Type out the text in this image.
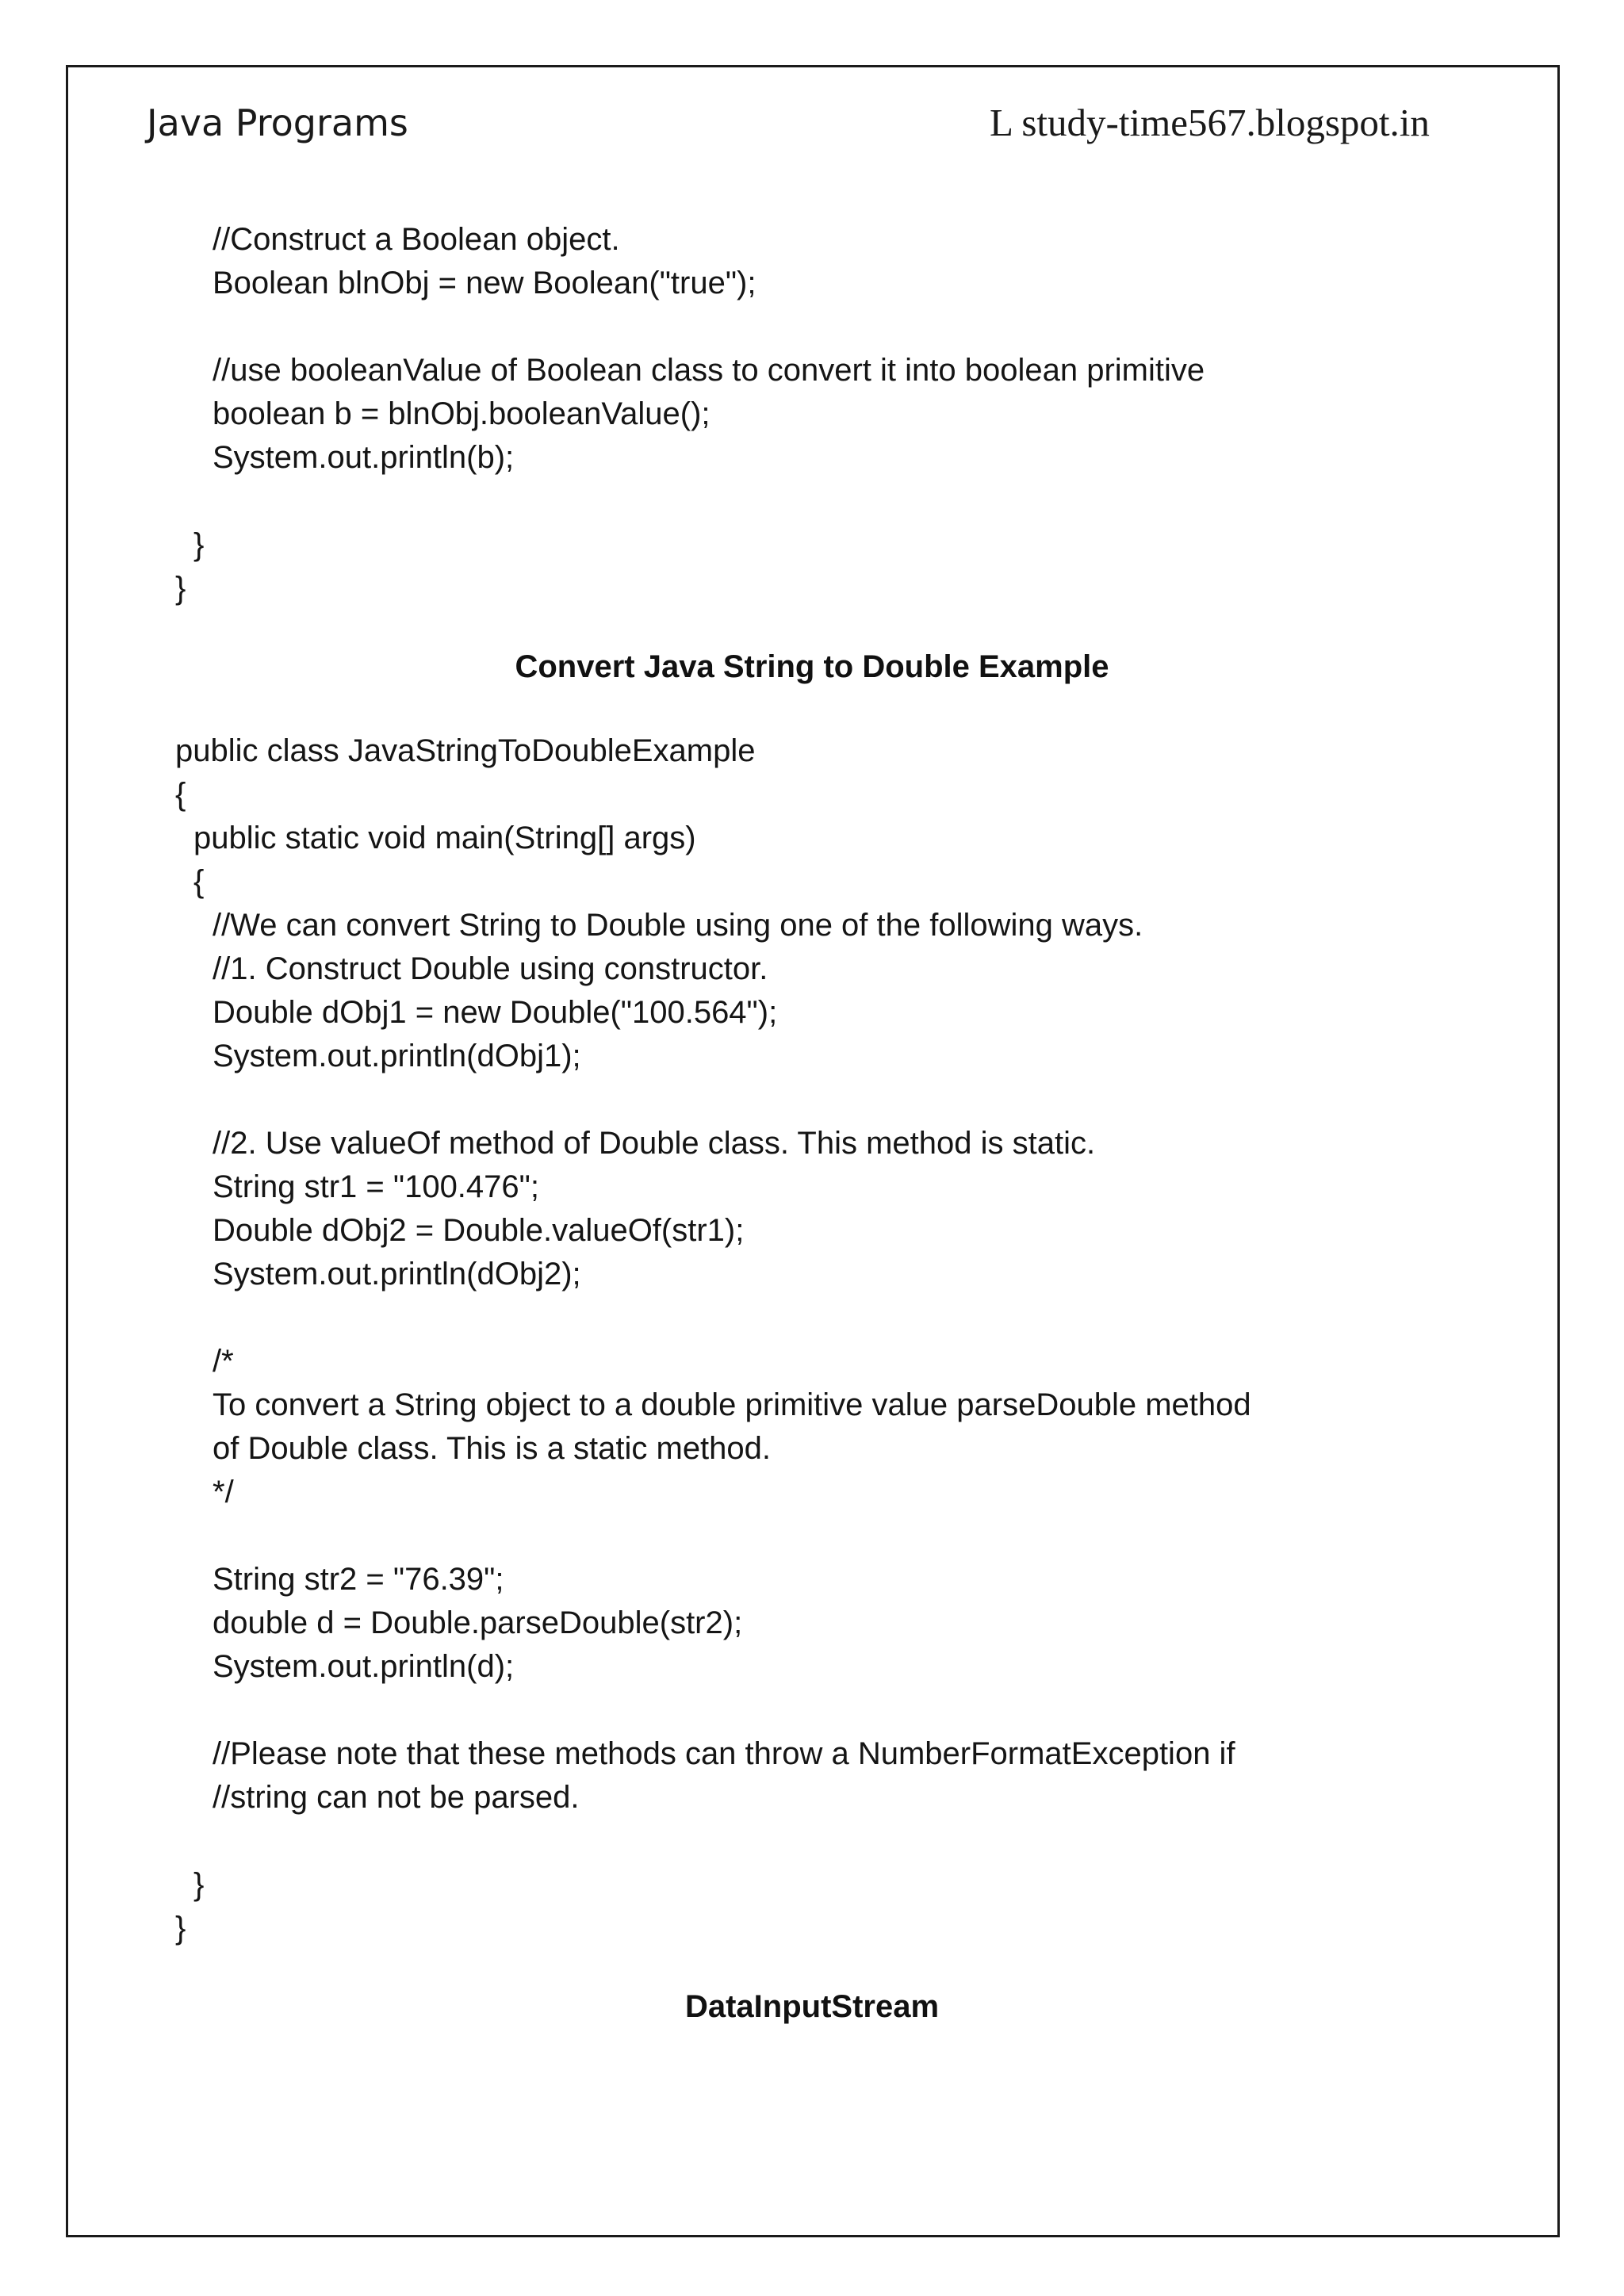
Java Programs	L study-time567.blogspot.in
//Construct a Boolean object.
Boolean blnObj = new Boolean("true");
//use booleanValue of Boolean class to convert it into boolean primitive
boolean b = blnObj.booleanValue();
System.out.println(b);
}
}
Convert Java String to Double Example
public class JavaStringToDoubleExample
{
public static void main(String[] args)
{
//We can convert String to Double using one of the following ways.
//1. Construct Double using constructor.
Double dObj1 = new Double("100.564");
System.out.println(dObj1);
//2. Use valueOf method of Double class. This method is static.
String str1 = "100.476";
Double dObj2 = Double.valueOf(str1);
System.out.println(dObj2);
/*
To convert a String object to a double primitive value parseDouble method
of Double class. This is a static method.
*/
String str2 = "76.39";
double d = Double.parseDouble(str2);
System.out.println(d);
//Please note that these methods can throw a NumberFormatException if
//string can not be parsed.
}
}
DataInputStream
